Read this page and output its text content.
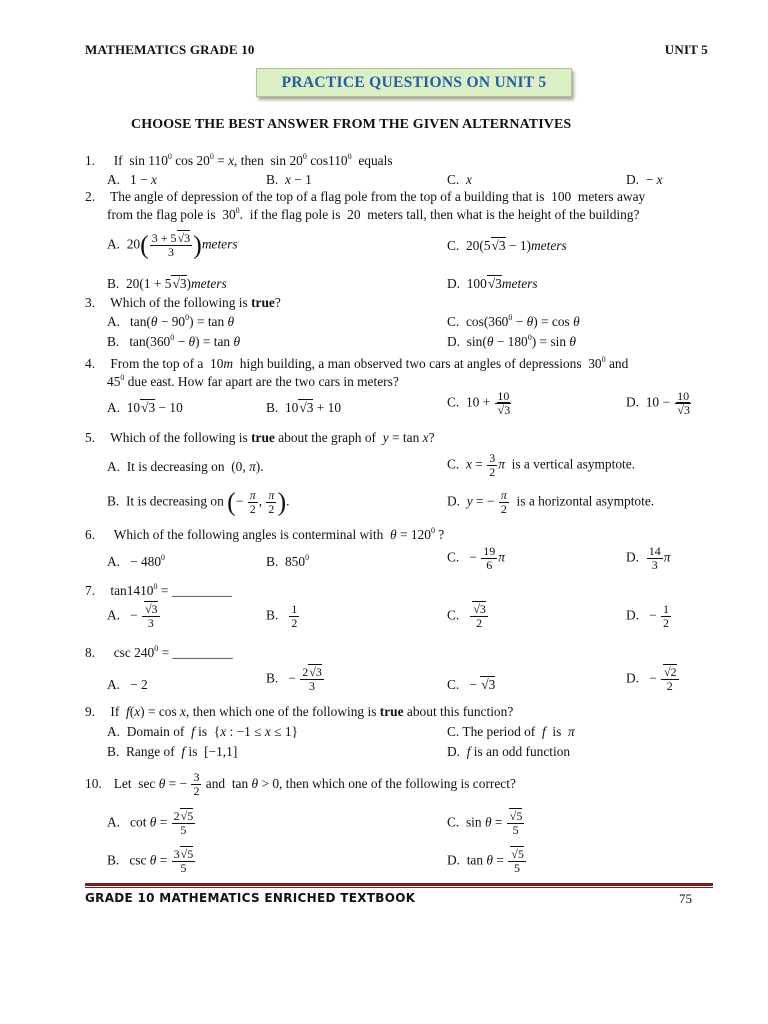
MATHEMATICS GRADE 10	UNIT 5
PRACTICE QUESTIONS ON UNIT 5
CHOOSE THE BEST ANSWER FROM THE GIVEN ALTERNATIVES
1.  If  $\sin 110^0$ $\cos 20^0 = x$, then  $\sin 20^0$ $\cos 110^0$  equals
A.   1 − x	B.  x − 1	C.  x	D.  − x
2. The angle of depression of the top of a flag pole from the top of a building that is  100  meters away
from the flag pole is  $30^0$.  if the flag pole is  20  meters tall, then what is the height of the building?
A.  $20( \frac{3 + 5√3}{3}$ )meters	C.  20(5√3 − 1)meters
B.  20(1 + 5√3)meters	D.  100√3meters
3. Which of the following is true?
A.   $\tan(\theta - 90^0) = \tan \theta$	C.  $\cos(360^0 - \theta) = \cos \theta$
B.   $\tan(360^0 - \theta) = \tan \theta$	D.  $\sin(\theta - 180^0) = \sin \theta$
4. From the top of a  10m  high building, a man observed two cars at angles of depressions  $30^0$ and
$45^0$ due east. How far apart are the two cars in meters?
A.  10√3 − 10	B.  10√3 + 10	C.  $10 + \frac{10}{√3}$	D.  $10 - \frac{10}{√3}$
5. Which of the following is true about the graph of  y = tan x?
A.  It is decreasing on  (0, π).	C.  $x = \frac{3}{2}$ π  is a vertical asymptote.
B.  It is decreasing on (− $\frac{\pi}{2}$ , $\frac{\pi}{2}$ ).	D.  y = − $\frac{\pi}{2}$ is a horizontal asymptote.
6.  Which of the following angles is conterminal with  $\theta = 120^0$ ?
A.   − $480^0$	B.  $850^0$	C.   − $\frac{19}{6}$ π	D. $\frac{14}{3}$ π
7. $\tan 1410^0$ = _________
A.   − $\frac{√3}{3}$	B. $\frac{1}{2}$	C. $\frac{√3}{2}$	D.   − $\frac{1}{2}$
8.  $\csc 240^0$ = _________
A.   − 2	B.   − $\frac{2√3}{3}$	C.   − √3	D.   − $\frac{√2}{2}$
9. If  f(x) = cos x, then which one of the following is true about this function?
A.  Domain of  f is  {x : −1 ≤ x ≤ 1}	C. The period of  f  is  π
B.  Range of  f is  [−1,1]	D.  f is an odd function
10.  Let  sec θ = − $\frac{3}{2}$ and  tan θ > 0, then which one of the following is correct?
A.   $\cot \theta = \frac{2√5}{5}$	C.  $\sin \theta = \frac{√5}{5}$
B.   $\csc \theta = \frac{3√5}{5}$	D.  $\tan \theta = \frac{√5}{5}$
GRADE 10 MATHEMATICS ENRICHED TEXTBOOK	75
